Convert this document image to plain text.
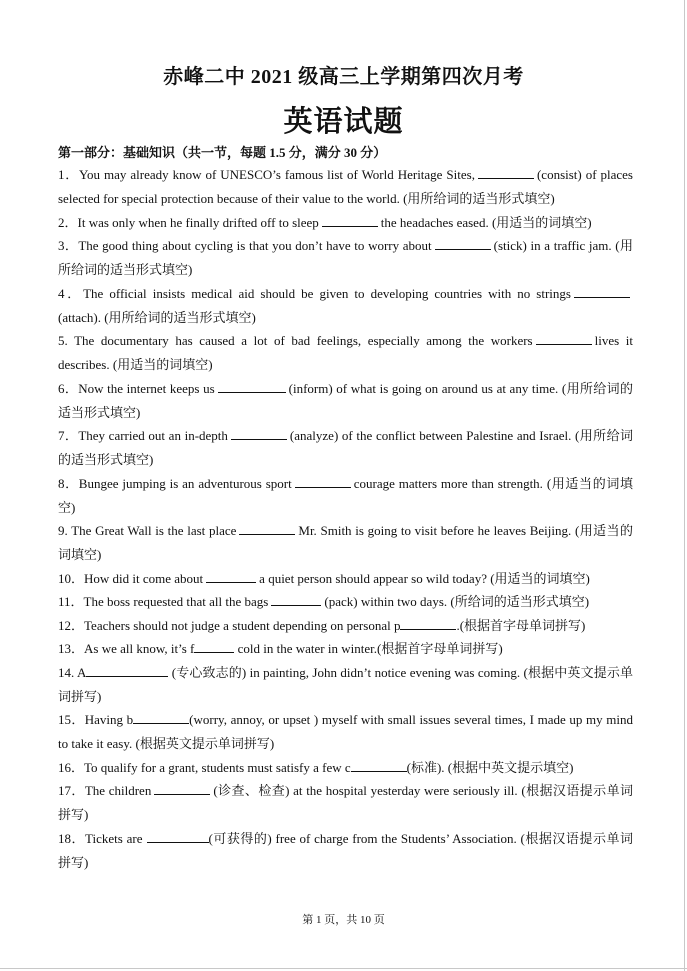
赤峰二中 2021 级高三上学期第四次月考
英语试题
第一部分：基础知识（共一节，每题 1.5 分，满分 30 分）
1．You may already know of UNESCO’s famous list of World Heritage Sites,	(consist) of places selected for special protection because of their value to the world. (用所给词的适当形式填空)
2．It was only when he finally drifted off to sleep	the headaches eased. (用适当的词填空)
3．The good thing about cycling is that you don’t have to worry about	(stick) in a traffic jam. (用所给词的适当形式填空)
4．The official insists medical aid should be given to developing countries with no strings(attach). (用所给词的适当形式填空)
5. The documentary has caused a lot of bad feelings, especially among the workers	lives it describes. (用适当的词填空)
6．Now the internet keeps us	(inform) of what is going on around us at any time. (用所给词的适当形式填空)
7．They carried out an in-depth	(analyze) of the conflict between Palestine and Israel. (用所给词的适当形式填空)
8．Bungee jumping is an adventurous sport	courage matters more than strength. (用适当的词填空)
9. The Great Wall is the last place	Mr. Smith is going to visit before he leaves Beijing. (用适当的词填空)
10．How did it come about	a quiet person should appear so wild today? (用适当的词填空)
11．The boss requested that all the bags	(pack) within two days. (所给词的适当形式填空)
12．Teachers should not judge a student depending on personal p	.(根据首字母单词拼写)
13．As we all know, it’s f	cold in the water in winter.(根据首字母单词拼写)
14. A	(专心致志的) in painting, John didn’t notice evening was coming. (根据中英文提示单词拼写)
15．Having b	(worry, annoy, or upset ) myself with small issues several times, I made up my mind to take it easy. (根据英文提示单词拼写)
16．To qualify for a grant, students must satisfy a few c	(标准). (根据中英文提示填空)
17．The children	(诊查、检查) at the hospital yesterday were seriously ill. (根据汉语提示单词拼写)
18．Tickets are	(可获得的) free of charge from the Students’ Association. (根据汉语提示单词拼写)
第 1 页，共 10 页
